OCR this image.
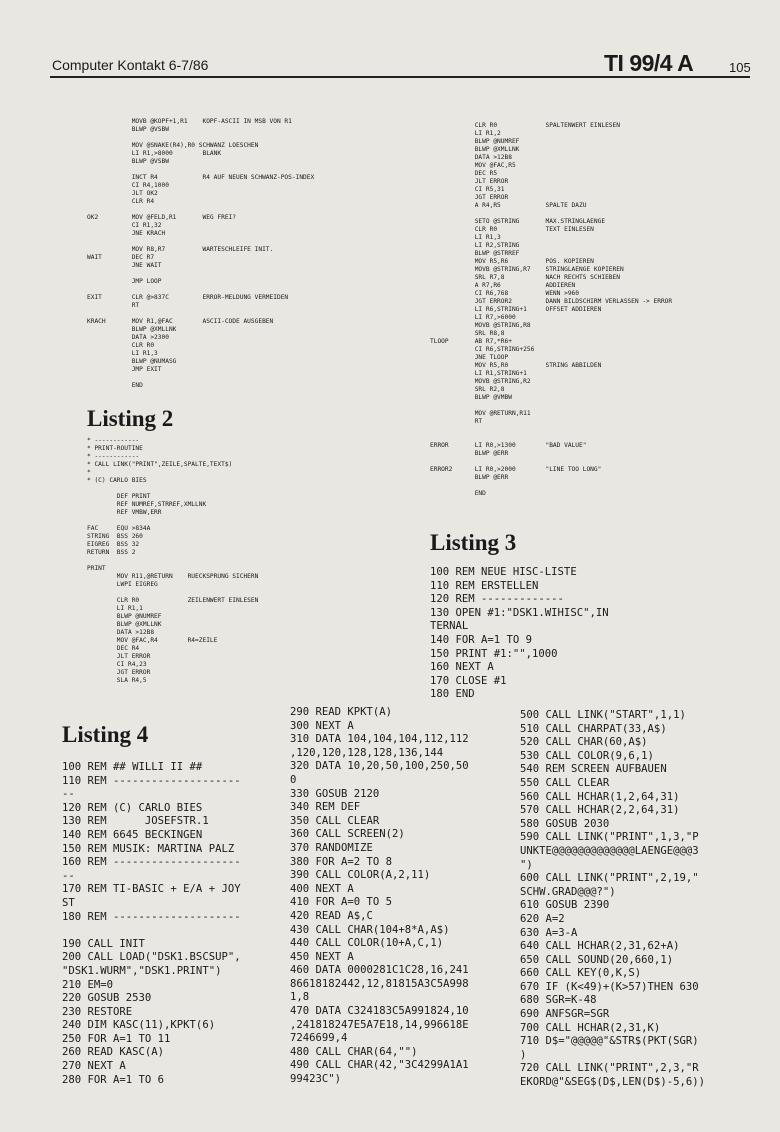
Computer Kontakt 6-7/86	TI 99/4 A	105
MOVB @KOPF+1,R1    KOPF-ASCII IN MSB VON R1
BLWP @VSBW

MOV @SNAKE(R4),R0 SCHWANZ LOESCHEN
LI R1,>8000        BLANK
BLWP @VSBW

INCT R4            R4 AUF NEUEN SCHWANZ-POS-INDEX
CI R4,1000
JLT OK2
CLR R4

OK2         MOV @FELD,R1       WEG FREI?
CI R1,32
JNE KRACH

MOV R8,R7          WARTESCHLEIFE INIT.
WAIT        DEC R7
JNE WAIT

JMP LOOP

EXIT        CLR @>837C         ERROR-MELDUNG VERMEIDEN
RT

KRACH       MOV R1,@FAC        ASCII-CODE AUSGEBEN
BLWP @XMLLNK
DATA >2300
CLR R0
LI R1,3
BLWP @NUMASG
JMP EXIT

END
CLR R0             SPALTENWERT EINLESEN
LI R1,2
BLWP @NUMREF
BLWP @XMLLNK
DATA >12B8
MOV @FAC,R5
DEC R5
JLT ERROR
CI R5,31
JGT ERROR
A R4,R5            SPALTE DAZU

SETO @STRING       MAX.STRINGLAENGE
CLR R0             TEXT EINLESEN
LI R1,3
LI R2,STRING
BLWP @STRREF
MOV R5,R6          POS. KOPIEREN
MOVB @STRING,R7    STRINGLAENGE KOPIEREN
SRL R7,8           NACH RECHTS SCHIEBEN
A R7,R6            ADDIEREN
CI R6,768          WENN >960
JGT ERROR2         DANN BILDSCHIRM VERLASSEN -> ERROR
LI R6,STRING+1     OFFSET ADDIEREN
LI R7,>6000
MOVB @STRING,R8
SRL R8,8
TLOOP       AB R7,*R6+
CI R6,STRING+256
JNE TLOOP
MOV R5,R0          STRING ABBILDEN
LI R1,STRING+1
MOVB @STRING,R2
SRL R2,8
BLWP @VMBW

MOV @RETURN,R11
RT

ERROR       LI R0,>1300        "BAD VALUE"
BLWP @ERR

ERROR2      LI R0,>2000        "LINE TOO LONG"
BLWP @ERR

END
Listing 2
* ------------
* PRINT-ROUTINE
* ------------
* CALL LINK("PRINT",ZEILE,SPALTE,TEXT$)
*
* (C) CARLO BIES

DEF PRINT
REF NUMREF,STRREF,XMLLNK
REF VMBW,ERR

FAC     EQU >834A
STRING  BSS 260
EIGREG  BSS 32
RETURN  BSS 2

PRINT
MOV R11,@RETURN    RUECKSPRUNG SICHERN
LWPI EIGREG

CLR R0             ZEILENWERT EINLESEN
LI R1,1
BLWP @NUMREF
BLWP @XMLLNK
DATA >12B8
MOV @FAC,R4        R4=ZEILE
DEC R4
JLT ERROR
CI R4,23
JGT ERROR
SLA R4,5
Listing 3
100 REM NEUE HISC-LISTE
110 REM ERSTELLEN
120 REM -------------
130 OPEN #1:"DSK1.WIHISC",IN
TERNAL
140 FOR A=1 TO 9
150 PRINT #1:"",1000
160 NEXT A
170 CLOSE #1
180 END
Listing 4
100 REM ## WILLI II ##
110 REM --------------------
--
120 REM (C) CARLO BIES
130 REM      JOSEFSTR.1
140 REM 6645 BECKINGEN
150 REM MUSIK: MARTINA PALZ
160 REM --------------------
--
170 REM TI-BASIC + E/A + JOY
ST
180 REM --------------------

190 CALL INIT
200 CALL LOAD("DSK1.BSCSUP",
"DSK1.WURM","DSK1.PRINT")
210 EM=0
220 GOSUB 2530
230 RESTORE
240 DIM KASC(11),KPKT(6)
250 FOR A=1 TO 11
260 READ KASC(A)
270 NEXT A
280 FOR A=1 TO 6
290 READ KPKT(A)
300 NEXT A
310 DATA 104,104,104,112,112
,120,120,128,128,136,144
320 DATA 10,20,50,100,250,50
0
330 GOSUB 2120
340 REM DEF
350 CALL CLEAR
360 CALL SCREEN(2)
370 RANDOMIZE
380 FOR A=2 TO 8
390 CALL COLOR(A,2,11)
400 NEXT A
410 FOR A=0 TO 5
420 READ A$,C
430 CALL CHAR(104+8*A,A$)
440 CALL COLOR(10+A,C,1)
450 NEXT A
460 DATA 0000281C1C28,16,241
86618182442,12,81815A3C5A998
1,8
470 DATA C324183C5A991824,10
,241818247E5A7E18,14,996618E
7246699,4
480 CALL CHAR(64,"")
490 CALL CHAR(42,"3C4299A1A1
99423C")
500 CALL LINK("START",1,1)
510 CALL CHARPAT(33,A$)
520 CALL CHAR(60,A$)
530 CALL COLOR(9,6,1)
540 REM SCREEN AUFBAUEN
550 CALL CLEAR
560 CALL HCHAR(1,2,64,31)
570 CALL HCHAR(2,2,64,31)
580 GOSUB 2030
590 CALL LINK("PRINT",1,3,"P
UNKTE@@@@@@@@@@@@@LAENGE@@@3
")
600 CALL LINK("PRINT",2,19,"
SCHW.GRAD@@@?")
610 GOSUB 2390
620 A=2
630 A=3-A
640 CALL HCHAR(2,31,62+A)
650 CALL SOUND(20,660,1)
660 CALL KEY(0,K,S)
670 IF (K<49)+(K>57)THEN 630
680 SGR=K-48
690 ANFSGR=SGR
700 CALL HCHAR(2,31,K)
710 D$="@@@@@"&STR$(PKT(SGR)
)
720 CALL LINK("PRINT",2,3,"R
EKORD@"&SEG$(D$,LEN(D$)-5,6))
